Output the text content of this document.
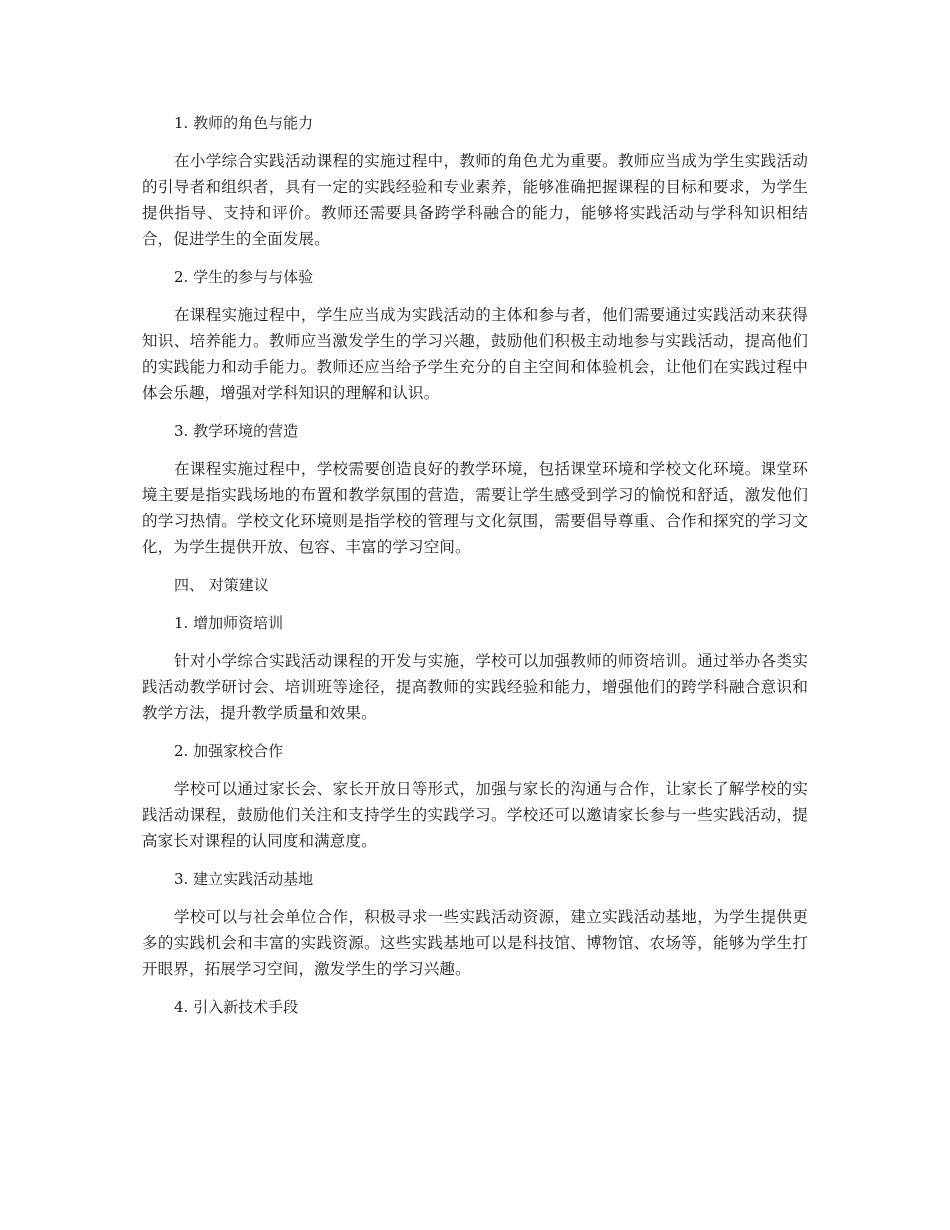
1. 教师的角色与能力

在小学综合实践活动课程的实施过程中，教师的角色尤为重要。教师应当成为学生实践活动的引导者和组织者，具有一定的实践经验和专业素养，能够准确把握课程的目标和要求，为学生提供指导、支持和评价。教师还需要具备跨学科融合的能力，能够将实践活动与学科知识相结合，促进学生的全面发展。

2. 学生的参与与体验

在课程实施过程中，学生应当成为实践活动的主体和参与者，他们需要通过实践活动来获得知识、培养能力。教师应当激发学生的学习兴趣，鼓励他们积极主动地参与实践活动，提高他们的实践能力和动手能力。教师还应当给予学生充分的自主空间和体验机会，让他们在实践过程中体会乐趣，增强对学科知识的理解和认识。

3. 教学环境的营造

在课程实施过程中，学校需要创造良好的教学环境，包括课堂环境和学校文化环境。课堂环境主要是指实践场地的布置和教学氛围的营造，需要让学生感受到学习的愉悦和舒适，激发他们的学习热情。学校文化环境则是指学校的管理与文化氛围，需要倡导尊重、合作和探究的学习文化，为学生提供开放、包容、丰富的学习空间。

四、 对策建议
1. 增加师资培训

针对小学综合实践活动课程的开发与实施，学校可以加强教师的师资培训。通过举办各类实践活动教学研讨会、培训班等途径，提高教师的实践经验和能力，增强他们的跨学科融合意识和教学方法，提升教学质量和效果。

2. 加强家校合作

学校可以通过家长会、家长开放日等形式，加强与家长的沟通与合作，让家长了解学校的实践活动课程，鼓励他们关注和支持学生的实践学习。学校还可以邀请家长参与一些实践活动，提高家长对课程的认同度和满意度。

3. 建立实践活动基地

学校可以与社会单位合作，积极寻求一些实践活动资源，建立实践活动基地，为学生提供更多的实践机会和丰富的实践资源。这些实践基地可以是科技馆、博物馆、农场等，能够为学生打开眼界，拓展学习空间，激发学生的学习兴趣。

4. 引入新技术手段
